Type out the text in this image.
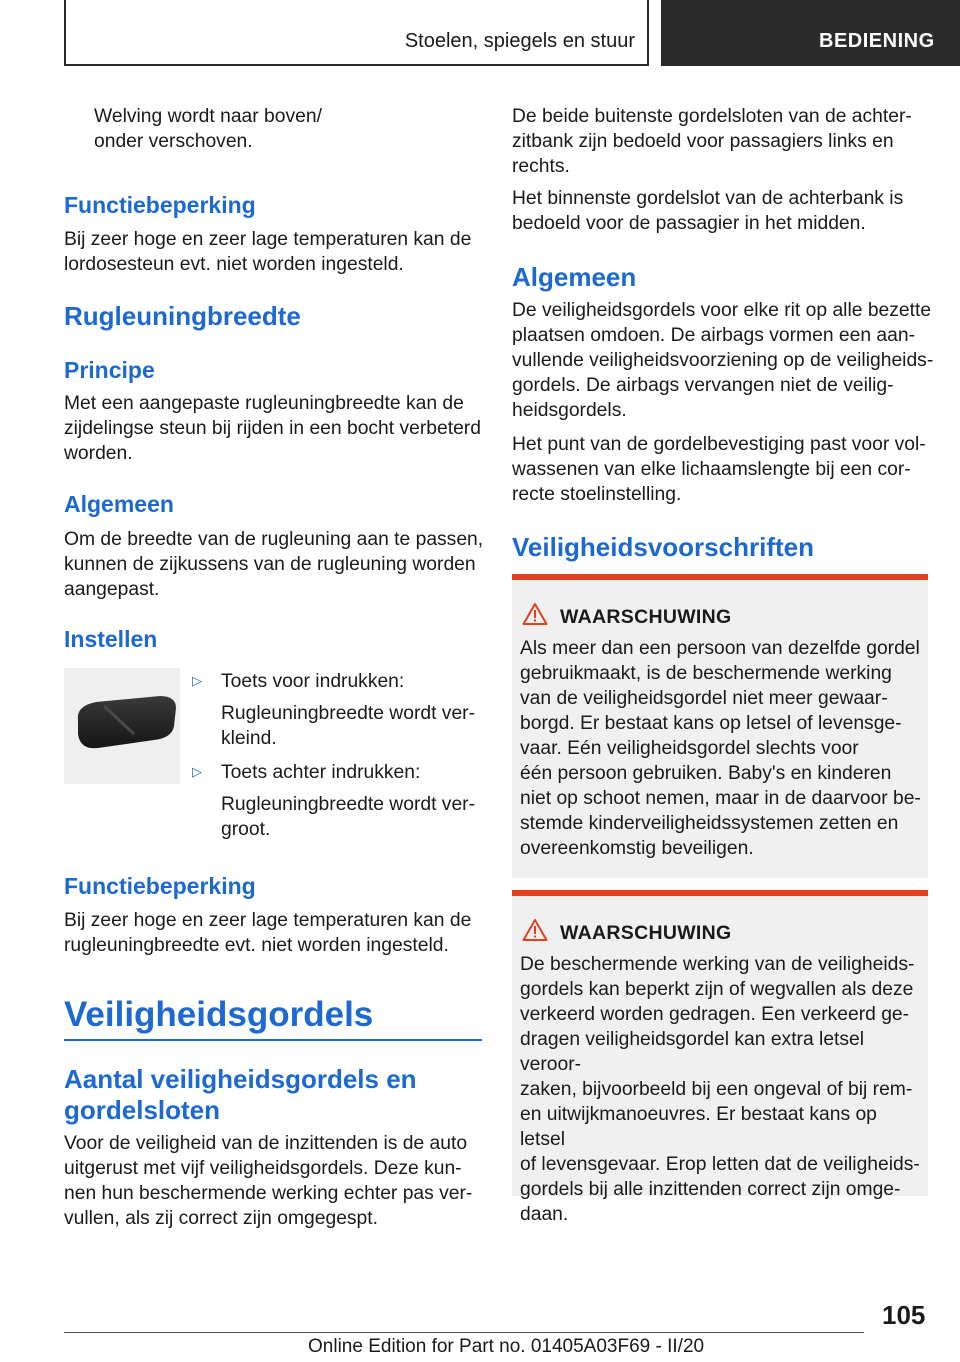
Stoelen, spiegels en stuur	BEDIENING
Welving wordt naar boven/
onder verschoven.
Functiebeperking
Bij zeer hoge en zeer lage temperaturen kan de
lordosesteun evt. niet worden ingesteld.
Rugleuningbreedte
Principe
Met een aangepaste rugleuningbreedte kan de
zijdelingse steun bij rijden in een bocht verbeterd
worden.
Algemeen
Om de breedte van de rugleuning aan te passen,
kunnen de zijkussens van de rugleuning worden
aangepast.
Instellen
▷ Toets voor indrukken:
Rugleuningbreedte wordt ver-
kleind.
▷ Toets achter indrukken:
Rugleuningbreedte wordt ver-
groot.
Functiebeperking
Bij zeer hoge en zeer lage temperaturen kan de
rugleuningbreedte evt. niet worden ingesteld.
Veiligheidsgordels
Aantal veiligheidsgordels en
gordelsloten
Voor de veiligheid van de inzittenden is de auto
uitgerust met vijf veiligheidsgordels. Deze kun-
nen hun beschermende werking echter pas ver-
vullen, als zij correct zijn omgegespt.
De beide buitenste gordelsloten van de achter-
zitbank zijn bedoeld voor passagiers links en
rechts.
Het binnenste gordelslot van de achterbank is
bedoeld voor de passagier in het midden.
Algemeen
De veiligheidsgordels voor elke rit op alle bezette
plaatsen omdoen. De airbags vormen een aan-
vullende veiligheidsvoorziening op de veiligheids-
gordels. De airbags vervangen niet de veilig-
heidsgordels.
Het punt van de gordelbevestiging past voor vol-
wassenen van elke lichaamslengte bij een cor-
recte stoelinstelling.
Veiligheidsvoorschriften
WAARSCHUWING
Als meer dan een persoon van dezelfde gordel
gebruikmaakt, is de beschermende werking
van de veiligheidsgordel niet meer gewaar-
borgd. Er bestaat kans op letsel of levensge-
vaar. Eén veiligheidsgordel slechts voor
één persoon gebruiken. Baby's en kinderen
niet op schoot nemen, maar in de daarvoor be-
stemde kinderveiligheidssystemen zetten en
overeenkomstig beveiligen.
WAARSCHUWING
De beschermende werking van de veiligheids-
gordels kan beperkt zijn of wegvallen als deze
verkeerd worden gedragen. Een verkeerd ge-
dragen veiligheidsgordel kan extra letsel veroor-
zaken, bijvoorbeeld bij een ongeval of bij rem-
en uitwijkmanoeuvres. Er bestaat kans op letsel
of levensgevaar. Erop letten dat de veiligheids-
gordels bij alle inzittenden correct zijn omge-
daan.
105
Online Edition for Part no. 01405A03F69 - II/20
